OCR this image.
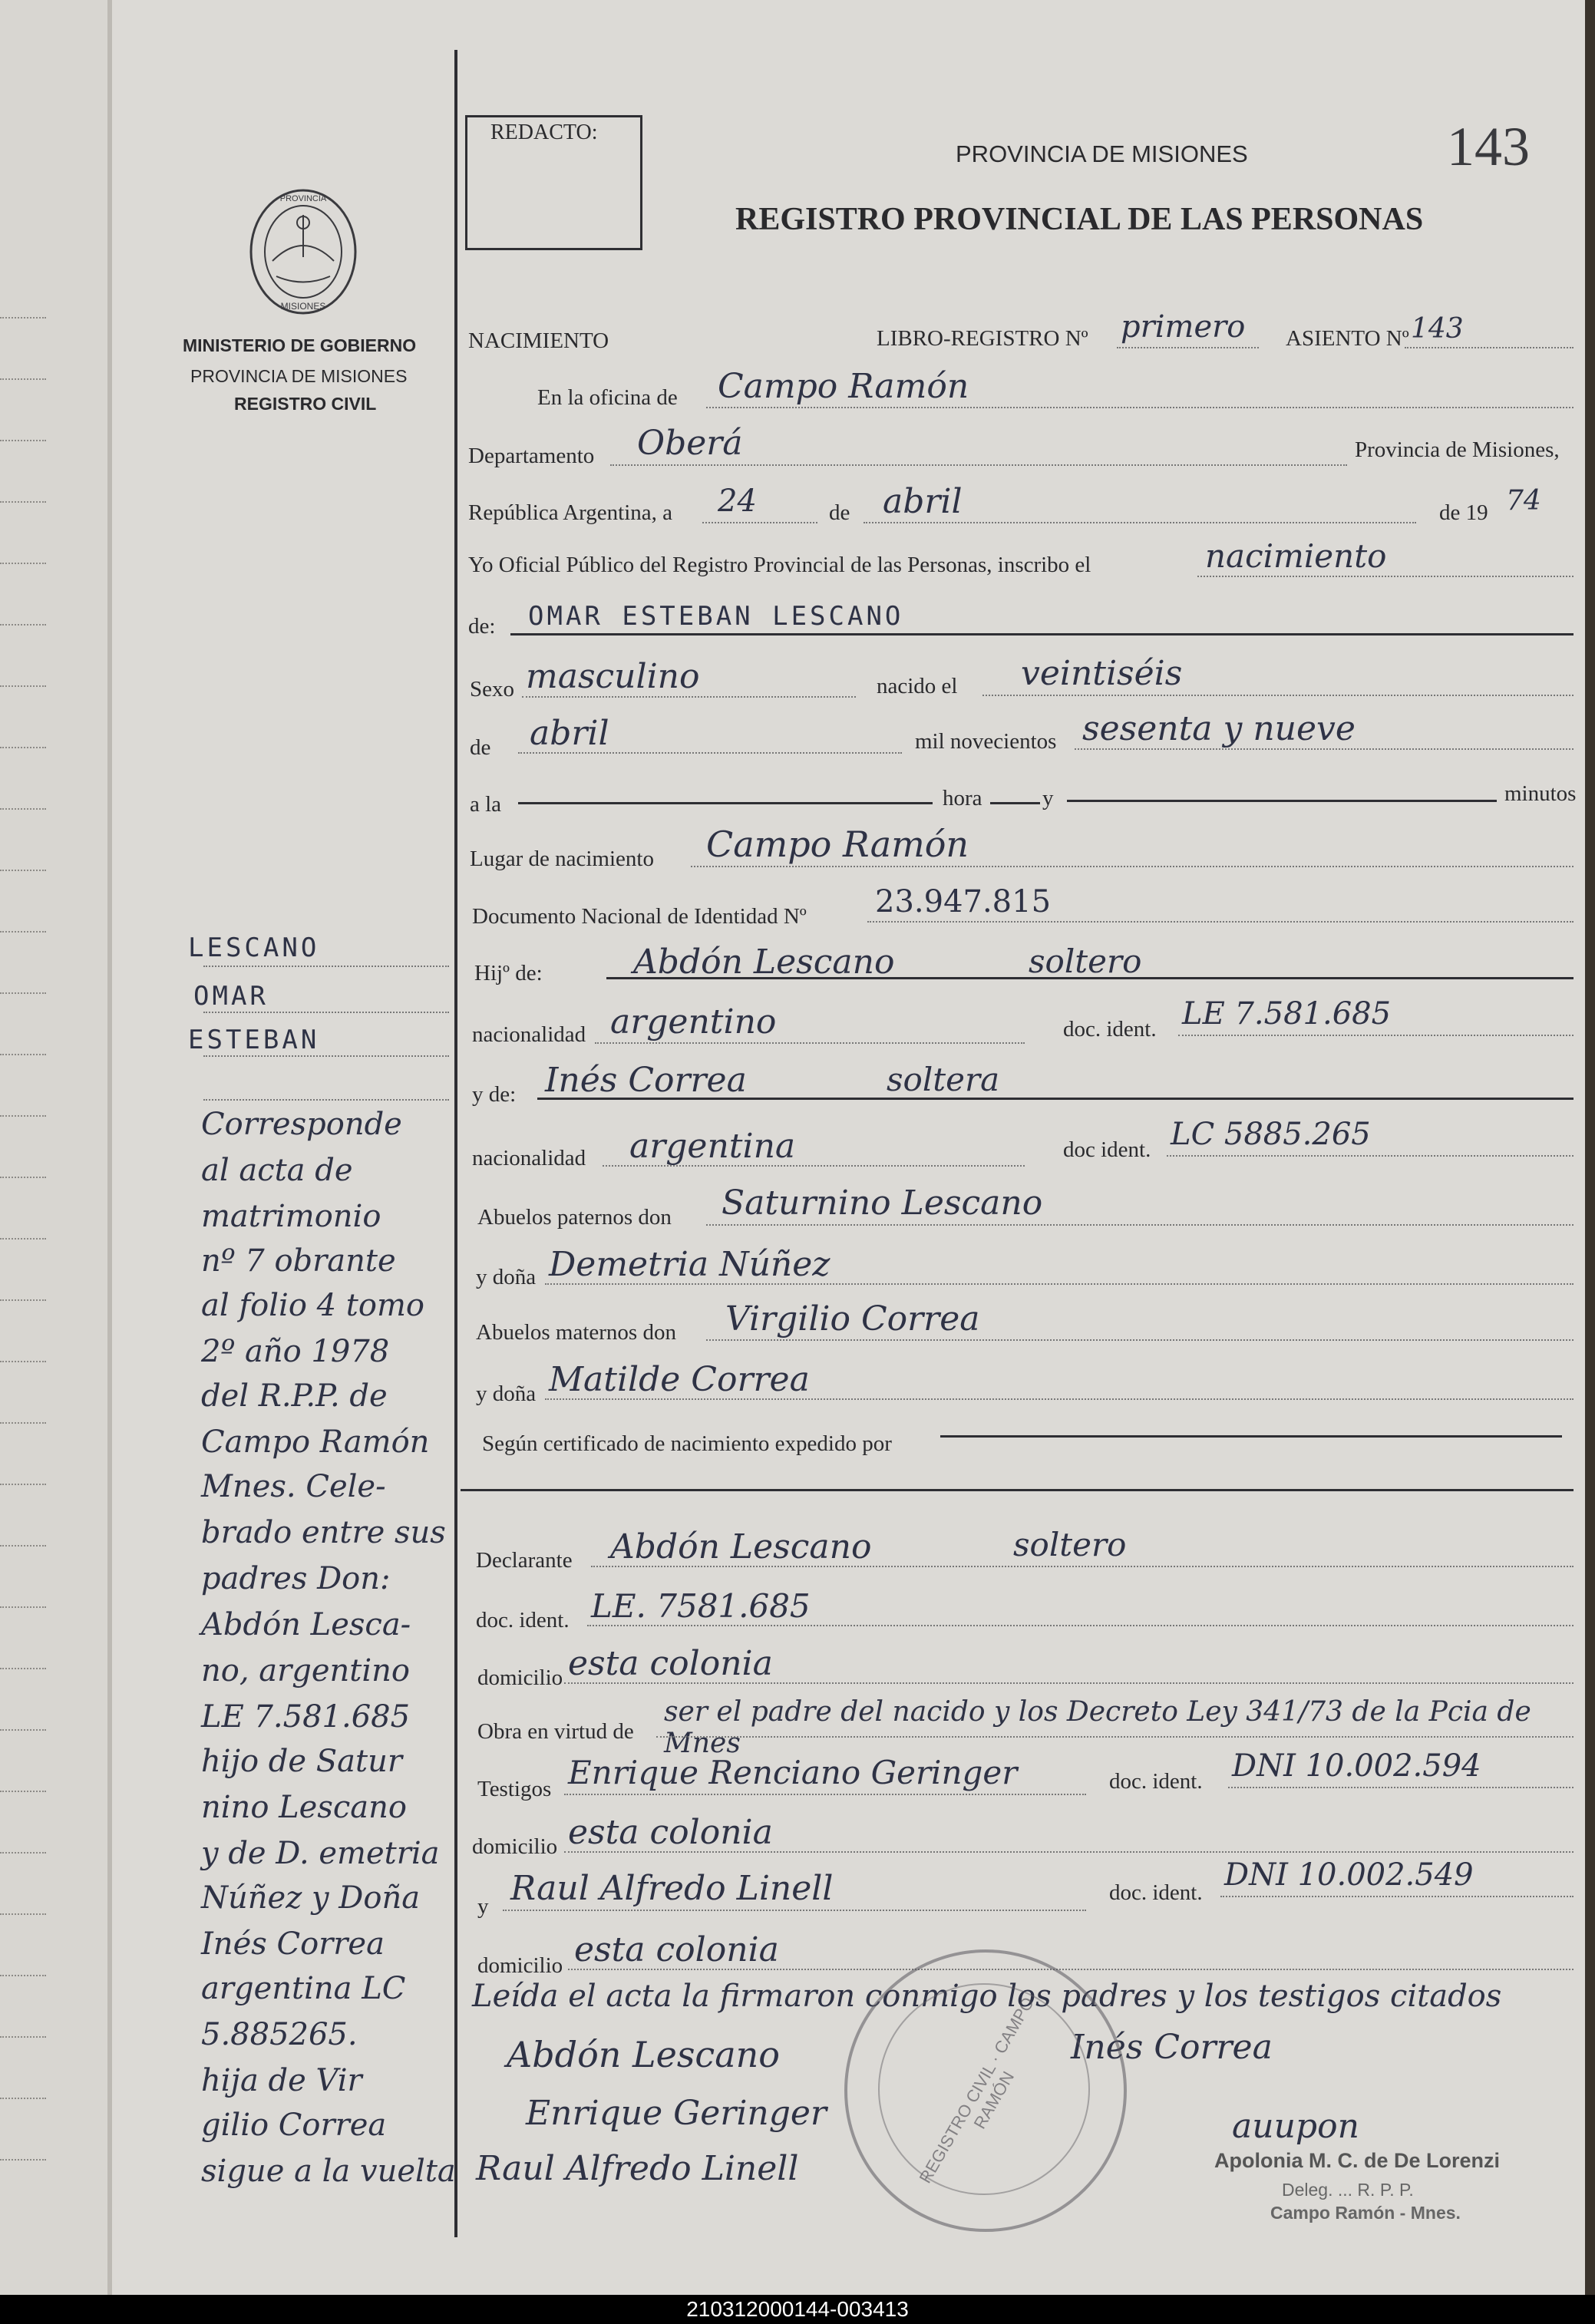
REDACTO:
PROVINCIA DE MISIONES	143
REGISTRO PROVINCIAL DE LAS PERSONAS
PROVINCIA
MISIONES
MINISTERIO DE GOBIERNO
PROVINCIA DE MISIONES
REGISTRO CIVIL
LESCANO
OMAR
ESTEBAN
Corresponde
al acta de
matrimonio
nº 7 obrante
al folio 4 tomo
2º año 1978
del R.P.P. de
Campo Ramón
Mnes. Cele-
brado entre sus
padres Don:
Abdón Lesca-
no, argentino
LE 7.581.685
hijo de Satur
nino Lescano
y de D. emetria
Núñez y Doña
Inés Correa
argentina LC
5.885265.
hija de Vir
gilio Correa
sigue a la vuelta
NACIMIENTO	LIBRO-REGISTRO Nº primero ASIENTO Nº 143
En la oficina de Campo Ramón
Departamento Oberá	Provincia de Misiones,
República Argentina, a 24	de abril	de 19 74
Yo Oficial Público del Registro Provincial de las Personas, inscribo el	nacimiento
de: OMAR ESTEBAN LESCANO
Sexo masculino	nacido el veintiséis
de abril	mil novecientos sesenta y nueve
a la	hora	y	minutos
Lugar de nacimiento Campo Ramón
Documento Nacional de Identidad Nº 23.947.815
Hijº de:	Abdón Lescano	soltero
nacionalidad argentino	doc. ident. LE 7.581.685
y de: Inés Correa	soltera
nacionalidad argentina	doc ident. LC 5885.265
Abuelos paternos don Saturnino Lescano
y doña Demetria Núñez
Abuelos maternos don Virgilio Correa
y doña Matilde Correa
Según certificado de nacimiento expedido por
Declarante Abdón Lescano	soltero
doc. ident. LE. 7581.685
domicilio esta colonia
Obra en virtud de
ser el padre del nacido y los Decreto Ley 341/73 de la Pcia de Mnes
Testigos Enrique Renciano Geringer	doc. ident. DNI 10.002.594
domicilio esta colonia
y Raul Alfredo Linell	doc. ident. DNI 10.002.549
domicilio esta colonia
Leída el acta la firmaron conmigo los padres y los testigos citados
Abdón Lescano	Inés Correa
Enrique Geringer
Raul Alfredo Linell	REGISTRO CIVIL · CAMPO RAMÓN	auupon
Apolonia M. C. de De Lorenzi
Deleg. ... R. P. P.
Campo Ramón - Mnes.
210312000144-003413
